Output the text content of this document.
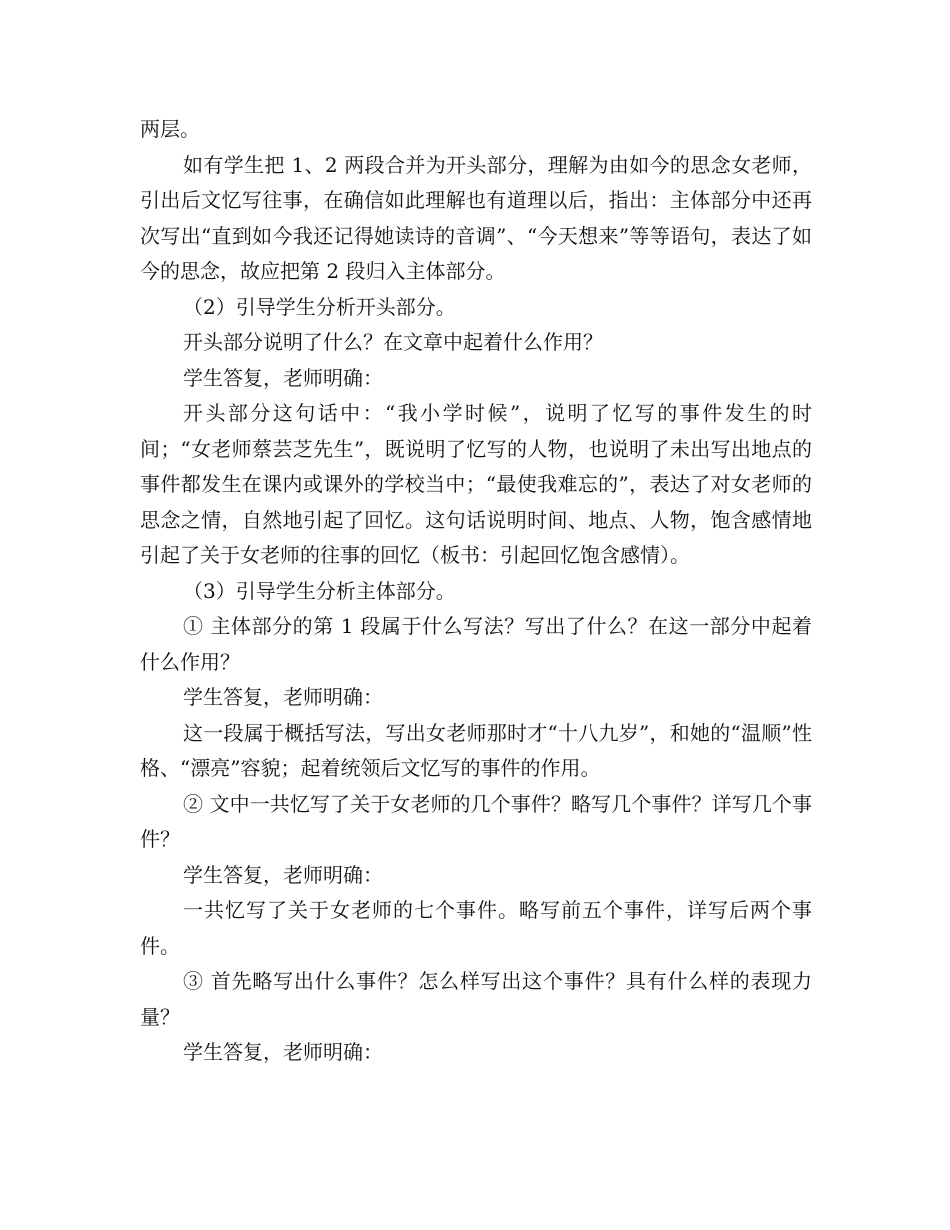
两层。

如有学生把 1、2 两段合并为开头部分，理解为由如今的思念女老师，引出后文忆写往事，在确信如此理解也有道理以后，指出：主体部分中还再次写出“直到如今我还记得她读诗的音调”、“今天想来”等等语句，表达了如今的思念，故应把第 2 段归入主体部分。

（2）引导学生分析开头部分。

开头部分说明了什么？在文章中起着什么作用？

学生答复，老师明确：

开头部分这句话中：“我小学时候”，说明了忆写的事件发生的时间；“女老师蔡芸芝先生”，既说明了忆写的人物，也说明了未出写出地点的事件都发生在课内或课外的学校当中；“最使我难忘的”，表达了对女老师的思念之情，自然地引起了回忆。这句话说明时间、地点、人物，饱含感情地引起了关于女老师的往事的回忆（板书：引起回忆饱含感情）。

（3）引导学生分析主体部分。

① 主体部分的第 1 段属于什么写法？写出了什么？在这一部分中起着什么作用？

学生答复，老师明确：

这一段属于概括写法，写出女老师那时才“十八九岁”，和她的“温顺”性格、“漂亮”容貌；起着统领后文忆写的事件的作用。

② 文中一共忆写了关于女老师的几个事件？略写几个事件？详写几个事件？

学生答复，老师明确：

一共忆写了关于女老师的七个事件。略写前五个事件，详写后两个事件。

③ 首先略写出什么事件？怎么样写出这个事件？具有什么样的表现力量？

学生答复，老师明确：
